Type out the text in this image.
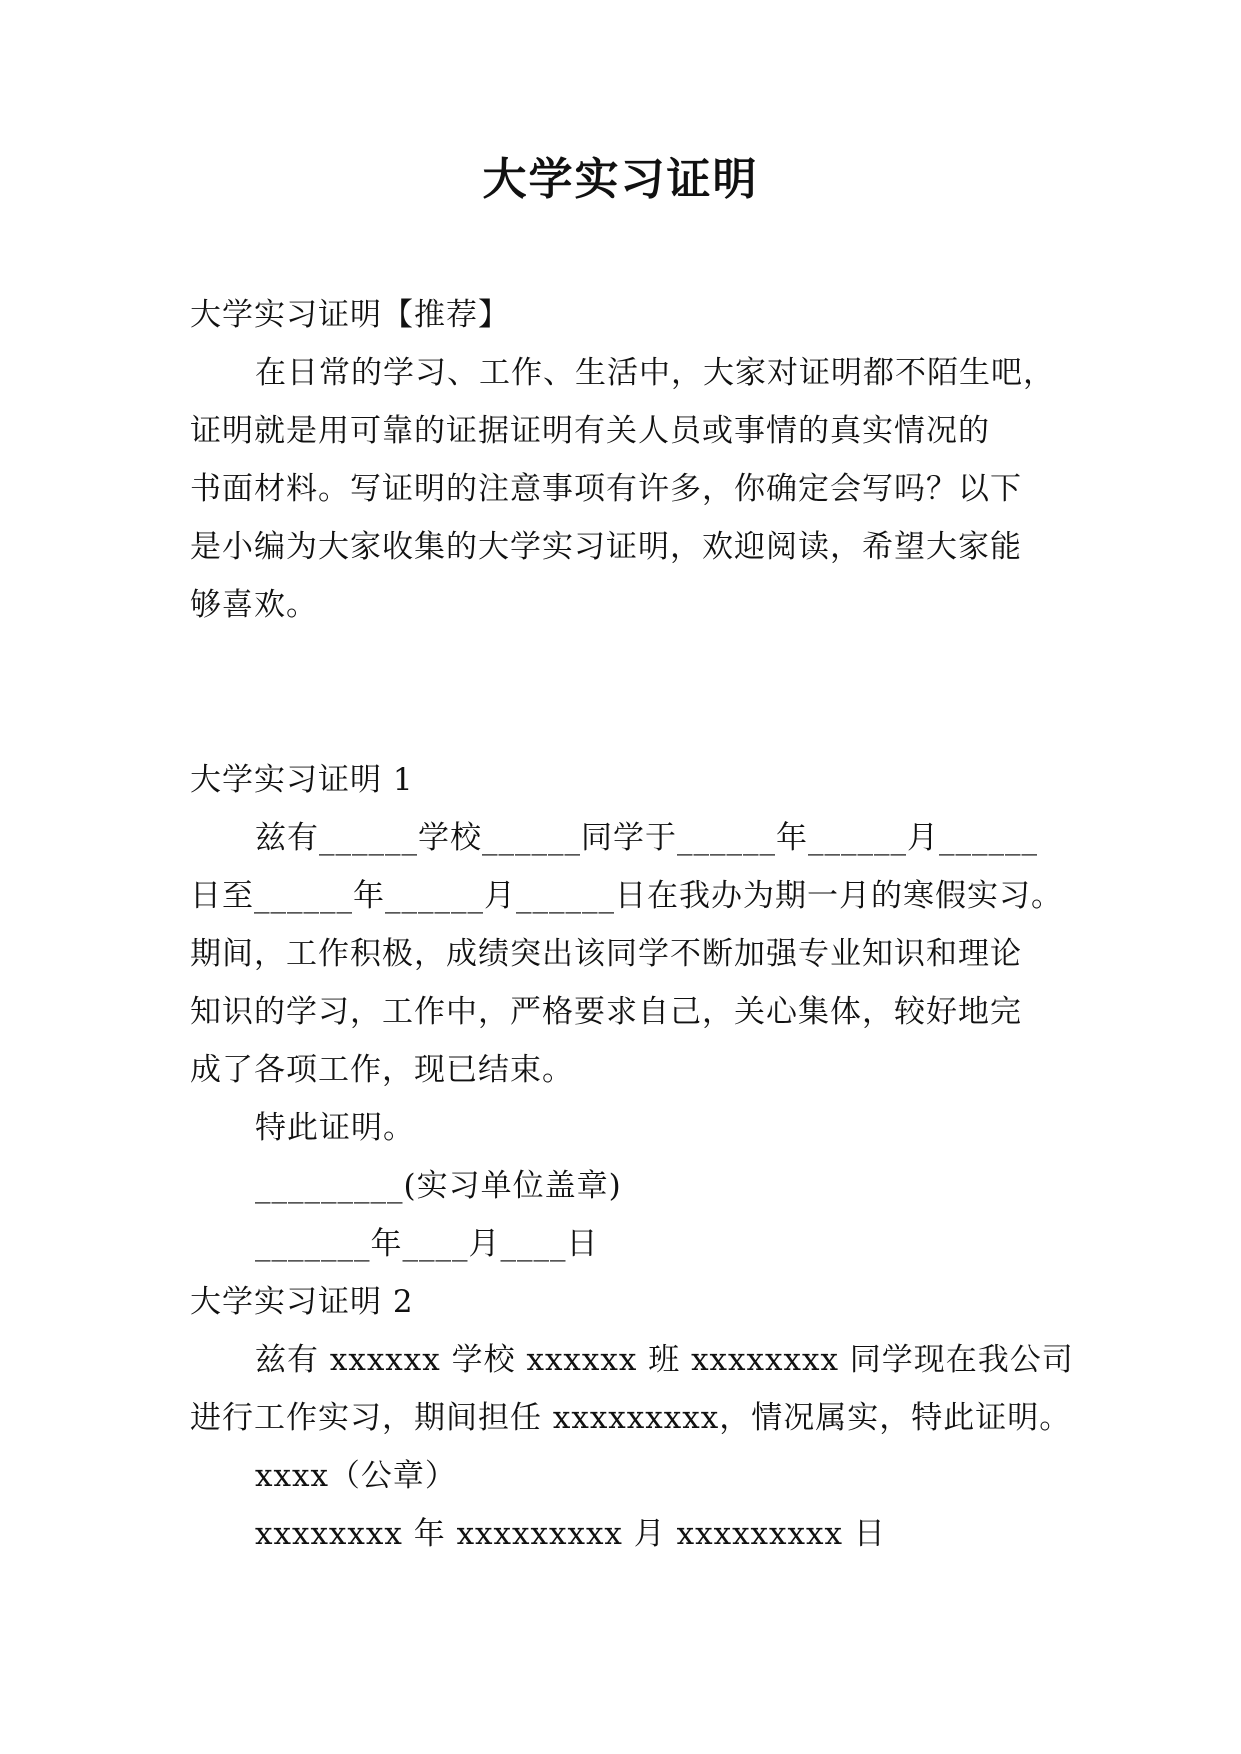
大学实习证明

大学实习证明【推荐】

在日常的学习、工作、生活中，大家对证明都不陌生吧，

证明就是用可靠的证据证明有关人员或事情的真实情况的

书面材料。写证明的注意事项有许多，你确定会写吗？以下

是小编为大家收集的大学实习证明，欢迎阅读，希望大家能

够喜欢。

大学实习证明 1

兹有______学校______同学于______年______月______

日至______年______月______日在我办为期一月的寒假实习。

期间，工作积极，成绩突出该同学不断加强专业知识和理论

知识的学习，工作中，严格要求自己，关心集体，较好地完

成了各项工作，现已结束。

特此证明。

_________(实习单位盖章)

_______年____月____日

大学实习证明 2

兹有 xxxxxx 学校 xxxxxx 班 xxxxxxxx 同学现在我公司

进行工作实习，期间担任 xxxxxxxxx，情况属实，特此证明。

xxxx（公章）

xxxxxxxx 年 xxxxxxxxx 月 xxxxxxxxx 日
